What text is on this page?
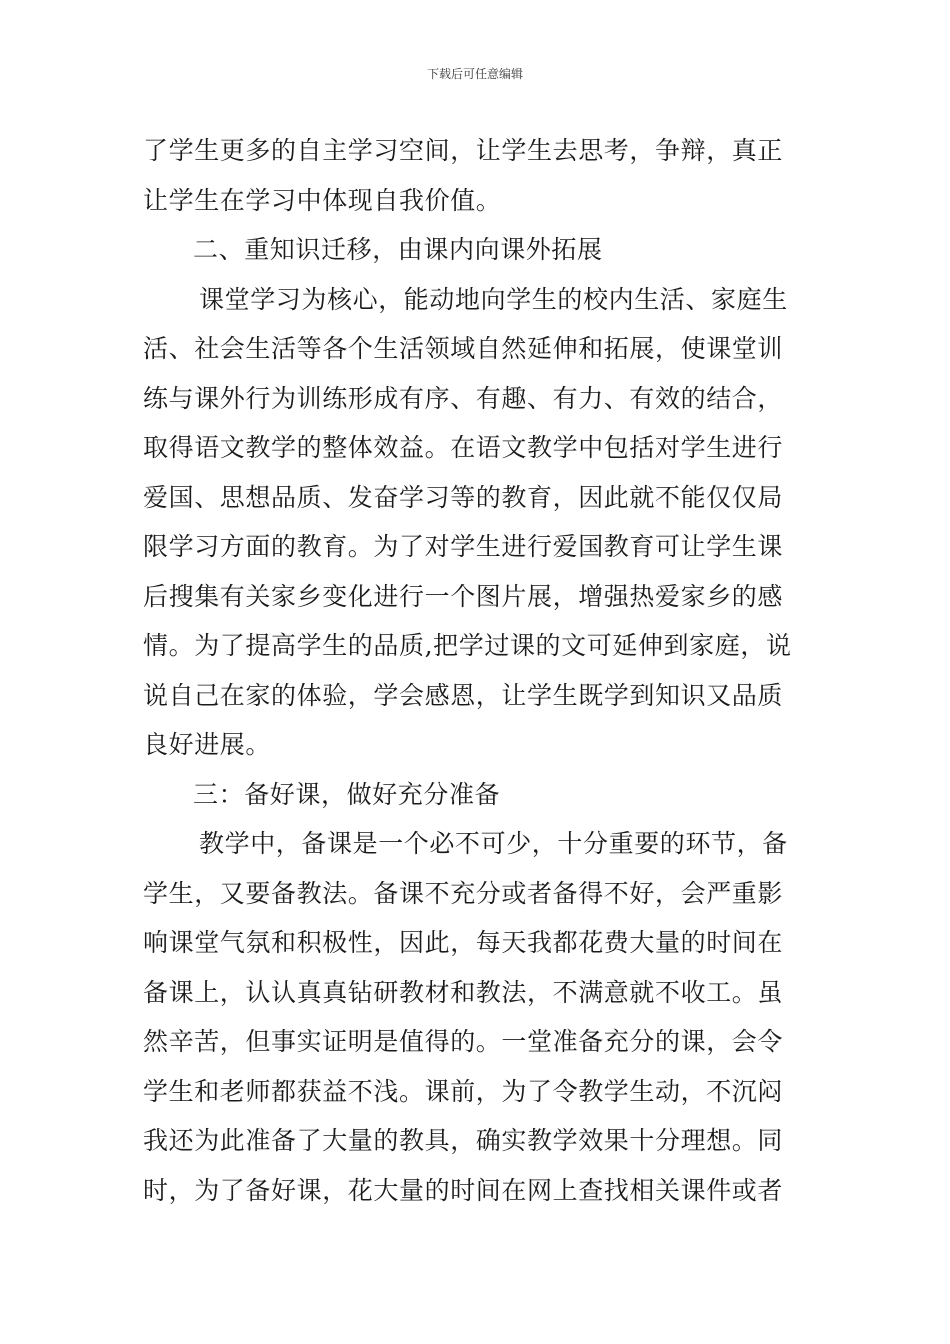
下载后可任意编辑
了学生更多的自主学习空间，让学生去思考，争辩，真正
让学生在学习中体现自我价值。
二、重知识迁移，由课内向课外拓展
课堂学习为核心，能动地向学生的校内生活、家庭生
活、社会生活等各个生活领域自然延伸和拓展，使课堂训
练与课外行为训练形成有序、有趣、有力、有效的结合，
取得语文教学的整体效益。在语文教学中包括对学生进行
爱国、思想品质、发奋学习等的教育，因此就不能仅仅局
限学习方面的教育。为了对学生进行爱国教育可让学生课
后搜集有关家乡变化进行一个图片展，增强热爱家乡的感
情。为了提高学生的品质,把学过课的文可延伸到家庭，说
说自己在家的体验，学会感恩，让学生既学到知识又品质
良好进展。
三：备好课，做好充分准备
教学中，备课是一个必不可少，十分重要的环节，备
学生，又要备教法。备课不充分或者备得不好，会严重影
响课堂气氛和积极性，因此，每天我都花费大量的时间在
备课上，认认真真钻研教材和教法，不满意就不收工。虽
然辛苦，但事实证明是值得的。一堂准备充分的课，会令
学生和老师都获益不浅。课前，为了令教学生动，不沉闷
我还为此准备了大量的教具，确实教学效果十分理想。同
时，为了备好课，花大量的时间在网上查找相关课件或者
